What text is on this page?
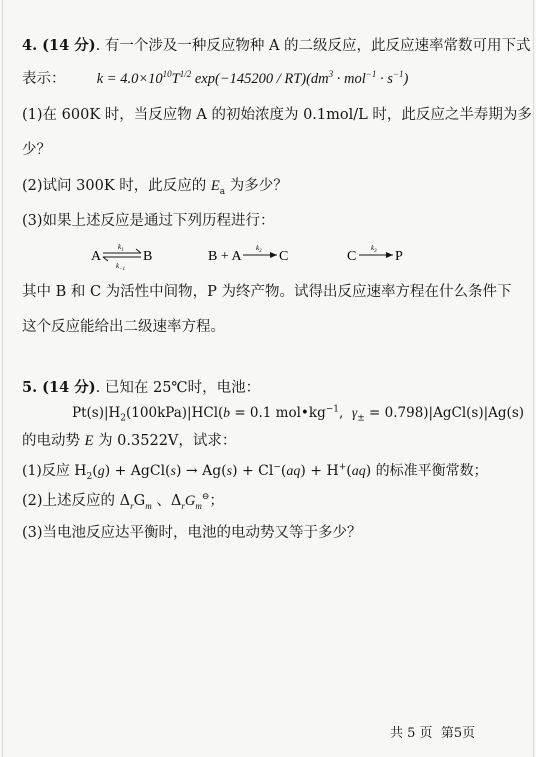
4. (14 分). 有一个涉及一种反应物种 A 的二级反应，此反应速率常数可用下式
表示： $k = 4.0\times 10^{10}T^{1/2}$ $\exp(-145200 / RT)(dm^3 \cdot mol^{-1} \cdot s^{-1})$
(1)在 600K 时，当反应物 A 的初始浓度为 0.1mol/L 时，此反应之半寿期为多
少？
(2)试问 300K 时，此反应的 $E_a$ 为多少？
(3)如果上述反应是通过下列历程进行：
A
$k_1$
$k_{-1}$
B	B + A
$k_2$ C	C
$k_3$ P
其中 B 和 C 为活性中间物，P 为终产物。试得出反应速率方程在什么条件下
这个反应能给出二级速率方程。
5. (14 分). 已知在 25℃时，电池：
$Pt(s)|H_2(100kPa)|HCl(b = 0.1$ $mol•kg^{-1}$,  $\gamma_\pm$ = 0.798)|AgCl(s)|Ag(s)
的电动势 E 为 0.3522V，试求：
(1)反应 $H_2(g)$ + AgCl(s) → Ag(s) + Cl−(aq) + H+(aq) 的标准平衡常数；
(2)上述反应的 $\Delta_rG_m$ 、$\Delta_rG_m^⊖$；
(3)当电池反应达平衡时，电池的电动势又等于多少？
共 5 页 第5页
